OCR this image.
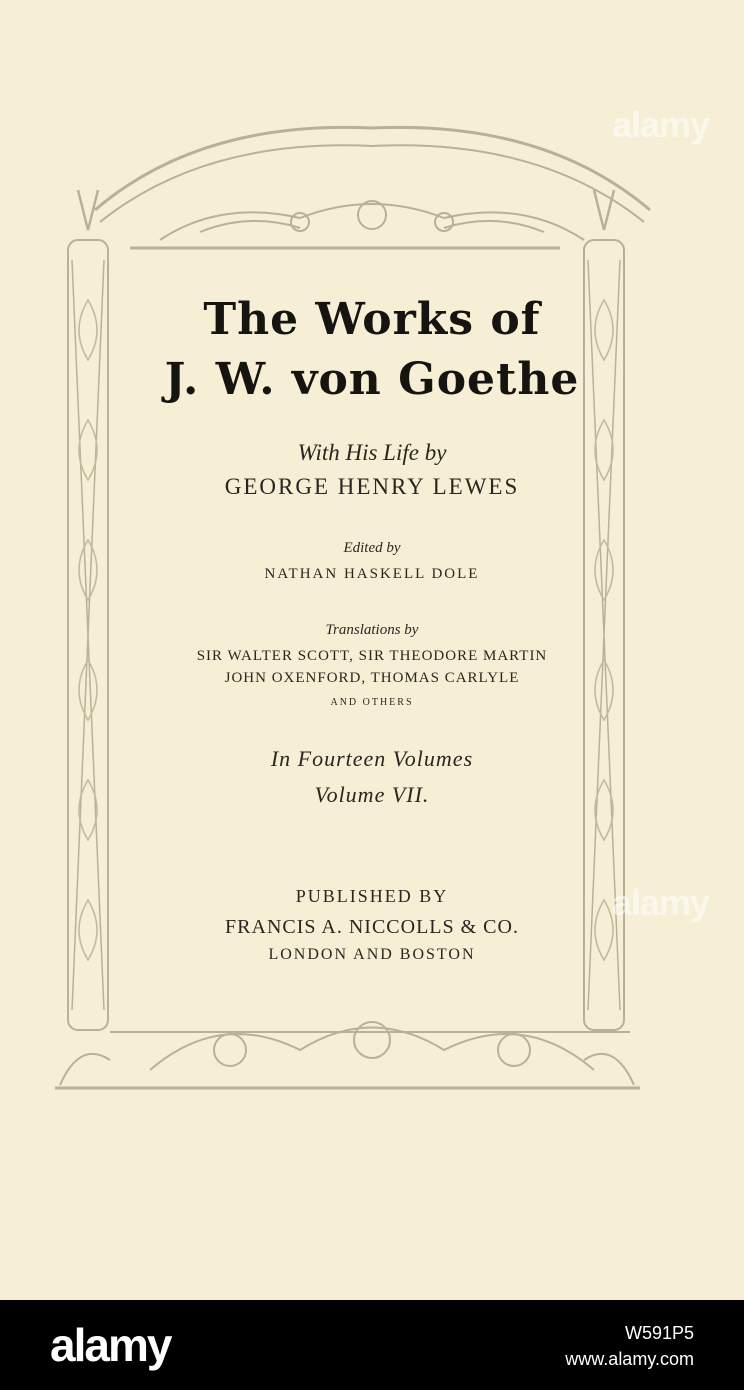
The Works of

J. W. von Goethe

With His Life by

GEORGE HENRY LEWES

Edited by

NATHAN HASKELL DOLE

Translations by

SIR WALTER SCOTT, SIR THEODORE MARTIN

JOHN OXENFORD, THOMAS CARLYLE

AND OTHERS

In Fourteen Volumes

Volume VII.

PUBLISHED BY

FRANCIS A. NICCOLLS & CO.

LONDON AND BOSTON

alamy
alamy
alamy	W591P5
www.alamy.com
